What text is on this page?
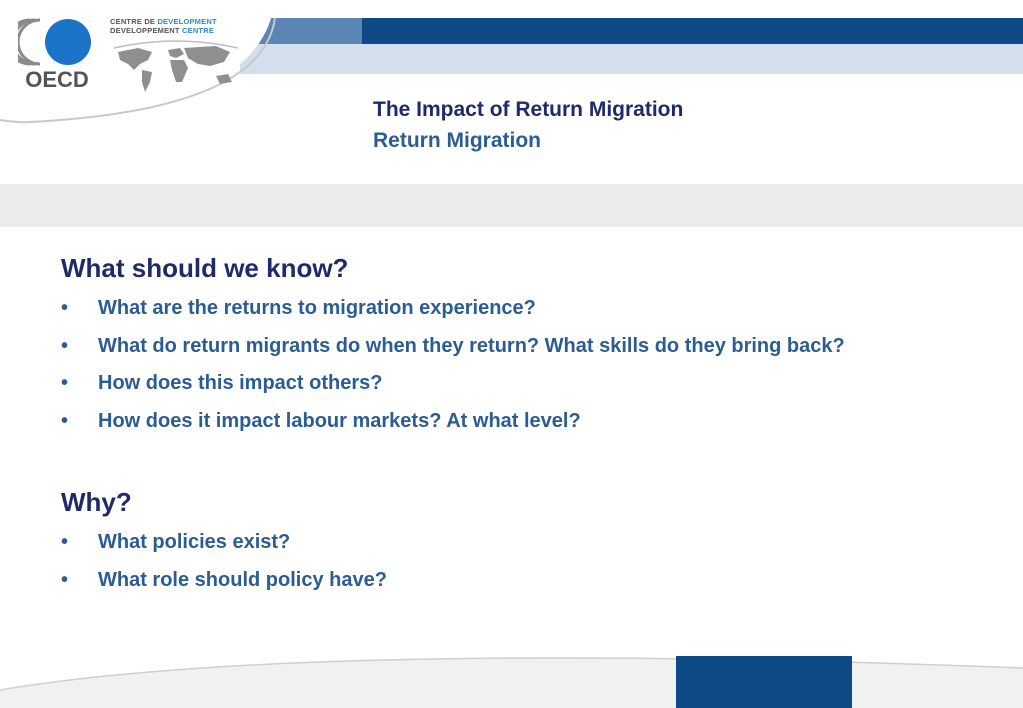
OECD
CENTRE DE DEVELOPMENT
DEVELOPPEMENT CENTRE
The Impact of Return Migration
Return Migration
What should we know?
•	What are the returns to migration experience?
•	What do return migrants do when they return? What skills do they bring back?
•	How does this impact others?
•	How does it impact labour markets? At what level?
Why?
•	What policies exist?
•	What role should policy have?
